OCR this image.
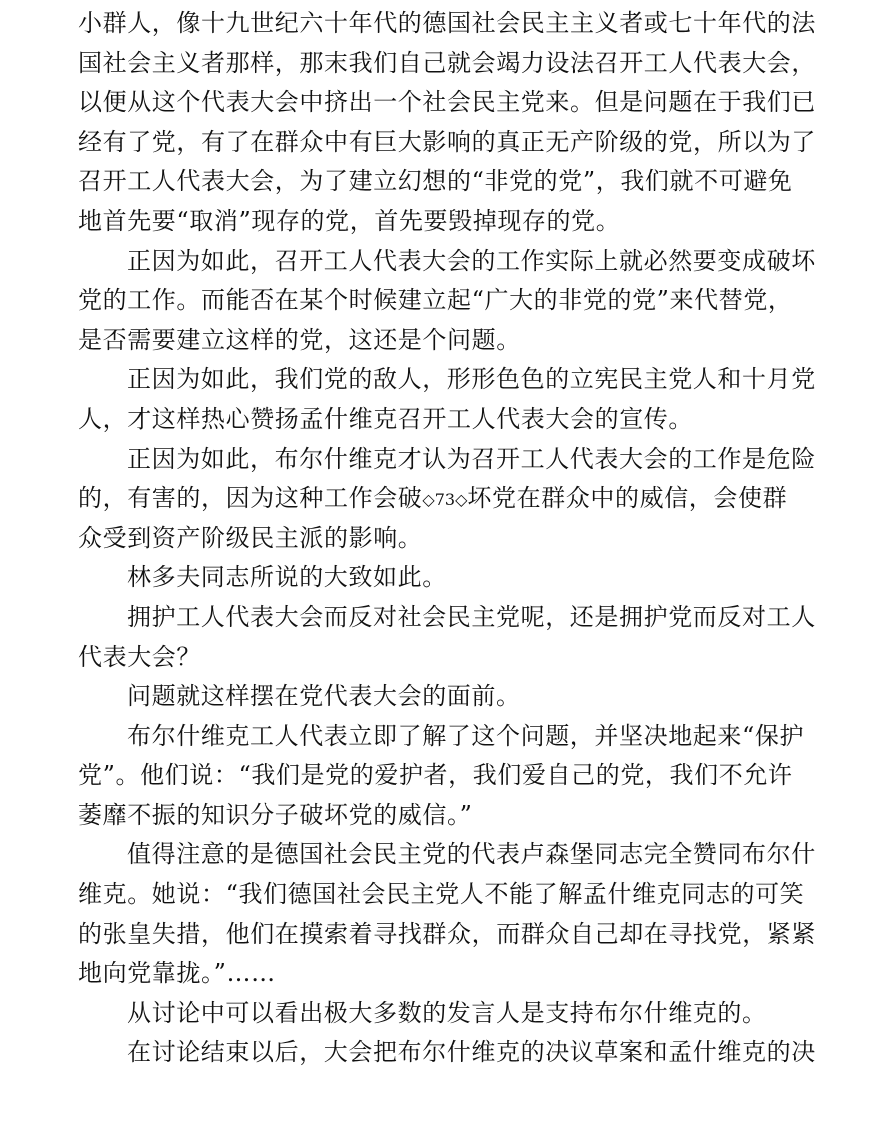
小群人，像十九世纪六十年代的德国社会民主主义者或七十年代的法
国社会主义者那样，那末我们自己就会竭力设法召开工人代表大会，
以便从这个代表大会中挤出一个社会民主党来。但是问题在于我们已
经有了党，有了在群众中有巨大影响的真正无产阶级的党，所以为了
召开工人代表大会，为了建立幻想的“非党的党”，我们就不可避免
地首先要“取消”现存的党，首先要毁掉现存的党。

正因为如此，召开工人代表大会的工作实际上就必然要变成破坏
党的工作。而能否在某个时候建立起“广大的非党的党”来代替党，
是否需要建立这样的党，这还是个问题。

正因为如此，我们党的敌人，形形色色的立宪民主党人和十月党
人，才这样热心赞扬孟什维克召开工人代表大会的宣传。

正因为如此，布尔什维克才认为召开工人代表大会的工作是危险
的，有害的，因为这种工作会破◇73◇坏党在群众中的威信，会使群
众受到资产阶级民主派的影响。

林多夫同志所说的大致如此。

拥护工人代表大会而反对社会民主党呢，还是拥护党而反对工人
代表大会？

问题就这样摆在党代表大会的面前。

布尔什维克工人代表立即了解了这个问题，并坚决地起来“保护
党”。他们说：“我们是党的爱护者，我们爱自己的党，我们不允许
萎靡不振的知识分子破坏党的威信。”

值得注意的是德国社会民主党的代表卢森堡同志完全赞同布尔什
维克。她说：“我们德国社会民主党人不能了解孟什维克同志的可笑
的张皇失措，他们在摸索着寻找群众，而群众自己却在寻找党，紧紧
地向党靠拢。”……

从讨论中可以看出极大多数的发言人是支持布尔什维克的。

在讨论结束以后，大会把布尔什维克的决议草案和孟什维克的决
